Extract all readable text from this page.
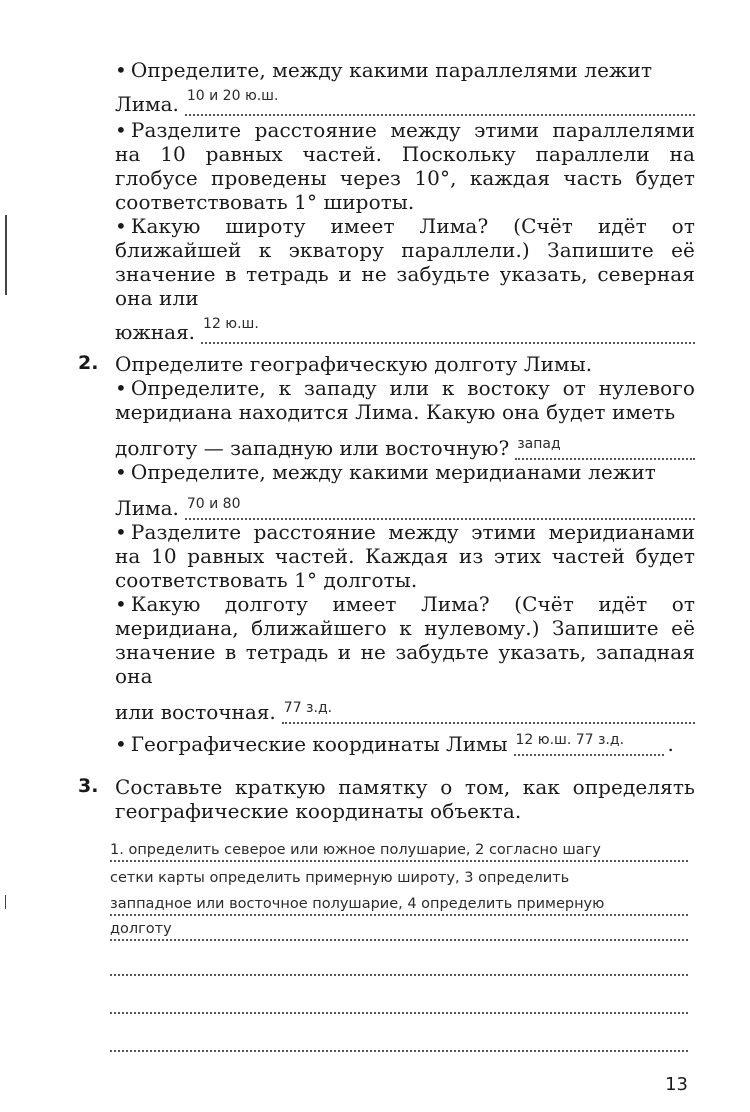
• Определите, между какими параллелями лежит

Лима. 10 и 20 ю.ш.

• Разделите расстояние между этими параллелями на 10 равных частей. Поскольку параллели на глобусе проведены через 10°, каждая часть будет соответствовать 1° широты.

• Какую широту имеет Лима? (Счёт идёт от ближайшей к экватору параллели.) Запишите её значение в тетрадь и не забудьте указать, северная она или

южная. 12 ю.ш.
2. Определите географическую долготу Лимы.

• Определите, к западу или к востоку от нулевого меридиана находится Лима. Какую она будет иметь

долготу — западную или восточную? запад

• Определите, между какими меридианами лежит

Лима. 70 и 80

• Разделите расстояние между этими меридианами на 10 равных частей. Каждая из этих частей будет соответствовать 1° долготы.

• Какую долготу имеет Лима? (Счёт идёт от меридиана, ближайшего к нулевому.) Запишите её значение в тетрадь и не забудьте указать, западная она

или восточная. 77 з.д.
• Географические координаты Лимы 12 ю.ш. 77 з.д. .
3. Составьте краткую памятку о том, как определять географические координаты объекта.

1. определить северое или южное полушарие, 2 согласно шагу
сетки карты определить примерную широту, 3 определить
заппадное или восточное полушарие, 4 определить примерную
долготу
13
